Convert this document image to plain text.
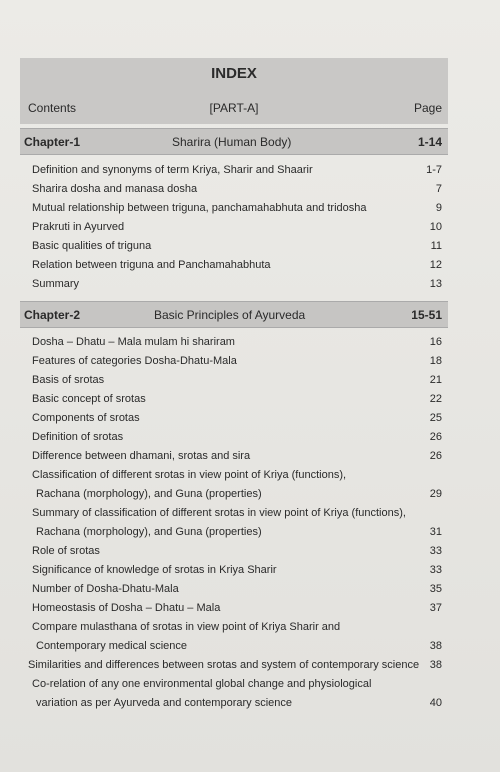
INDEX
Contents	[PART-A]	Page
Chapter-1	Sharira (Human Body)	1-14
Definition and synonyms of term Kriya, Sharir and Shaarir	1-7
Sharira dosha and manasa dosha	7
Mutual relationship between triguna, panchamahabhuta and tridosha	9
Prakruti in Ayurved	10
Basic qualities of triguna	11
Relation between triguna and Panchamahabhuta	12
Summary	13
Chapter-2	Basic Principles of Ayurveda	15-51
Dosha – Dhatu – Mala mulam hi shariram	16
Features of categories Dosha-Dhatu-Mala	18
Basis of srotas	21
Basic concept of srotas	22
Components of srotas	25
Definition of srotas	26
Difference between dhamani, srotas and sira	26
Classification of different srotas in view point of Kriya (functions),
Rachana (morphology), and Guna (properties)	29
Summary of classification of different srotas in view point of Kriya (functions),
Rachana (morphology), and Guna (properties)	31
Role of srotas	33
Significance of knowledge of srotas in Kriya Sharir	33
Number of Dosha-Dhatu-Mala	35
Homeostasis of Dosha – Dhatu – Mala	37
Compare mulasthana of srotas in view point of Kriya Sharir and
Contemporary medical science	38
Similarities and differences between srotas and system of contemporary science 38
Co-relation of any one environmental global change and physiological
variation as per Ayurveda and contemporary science	40
